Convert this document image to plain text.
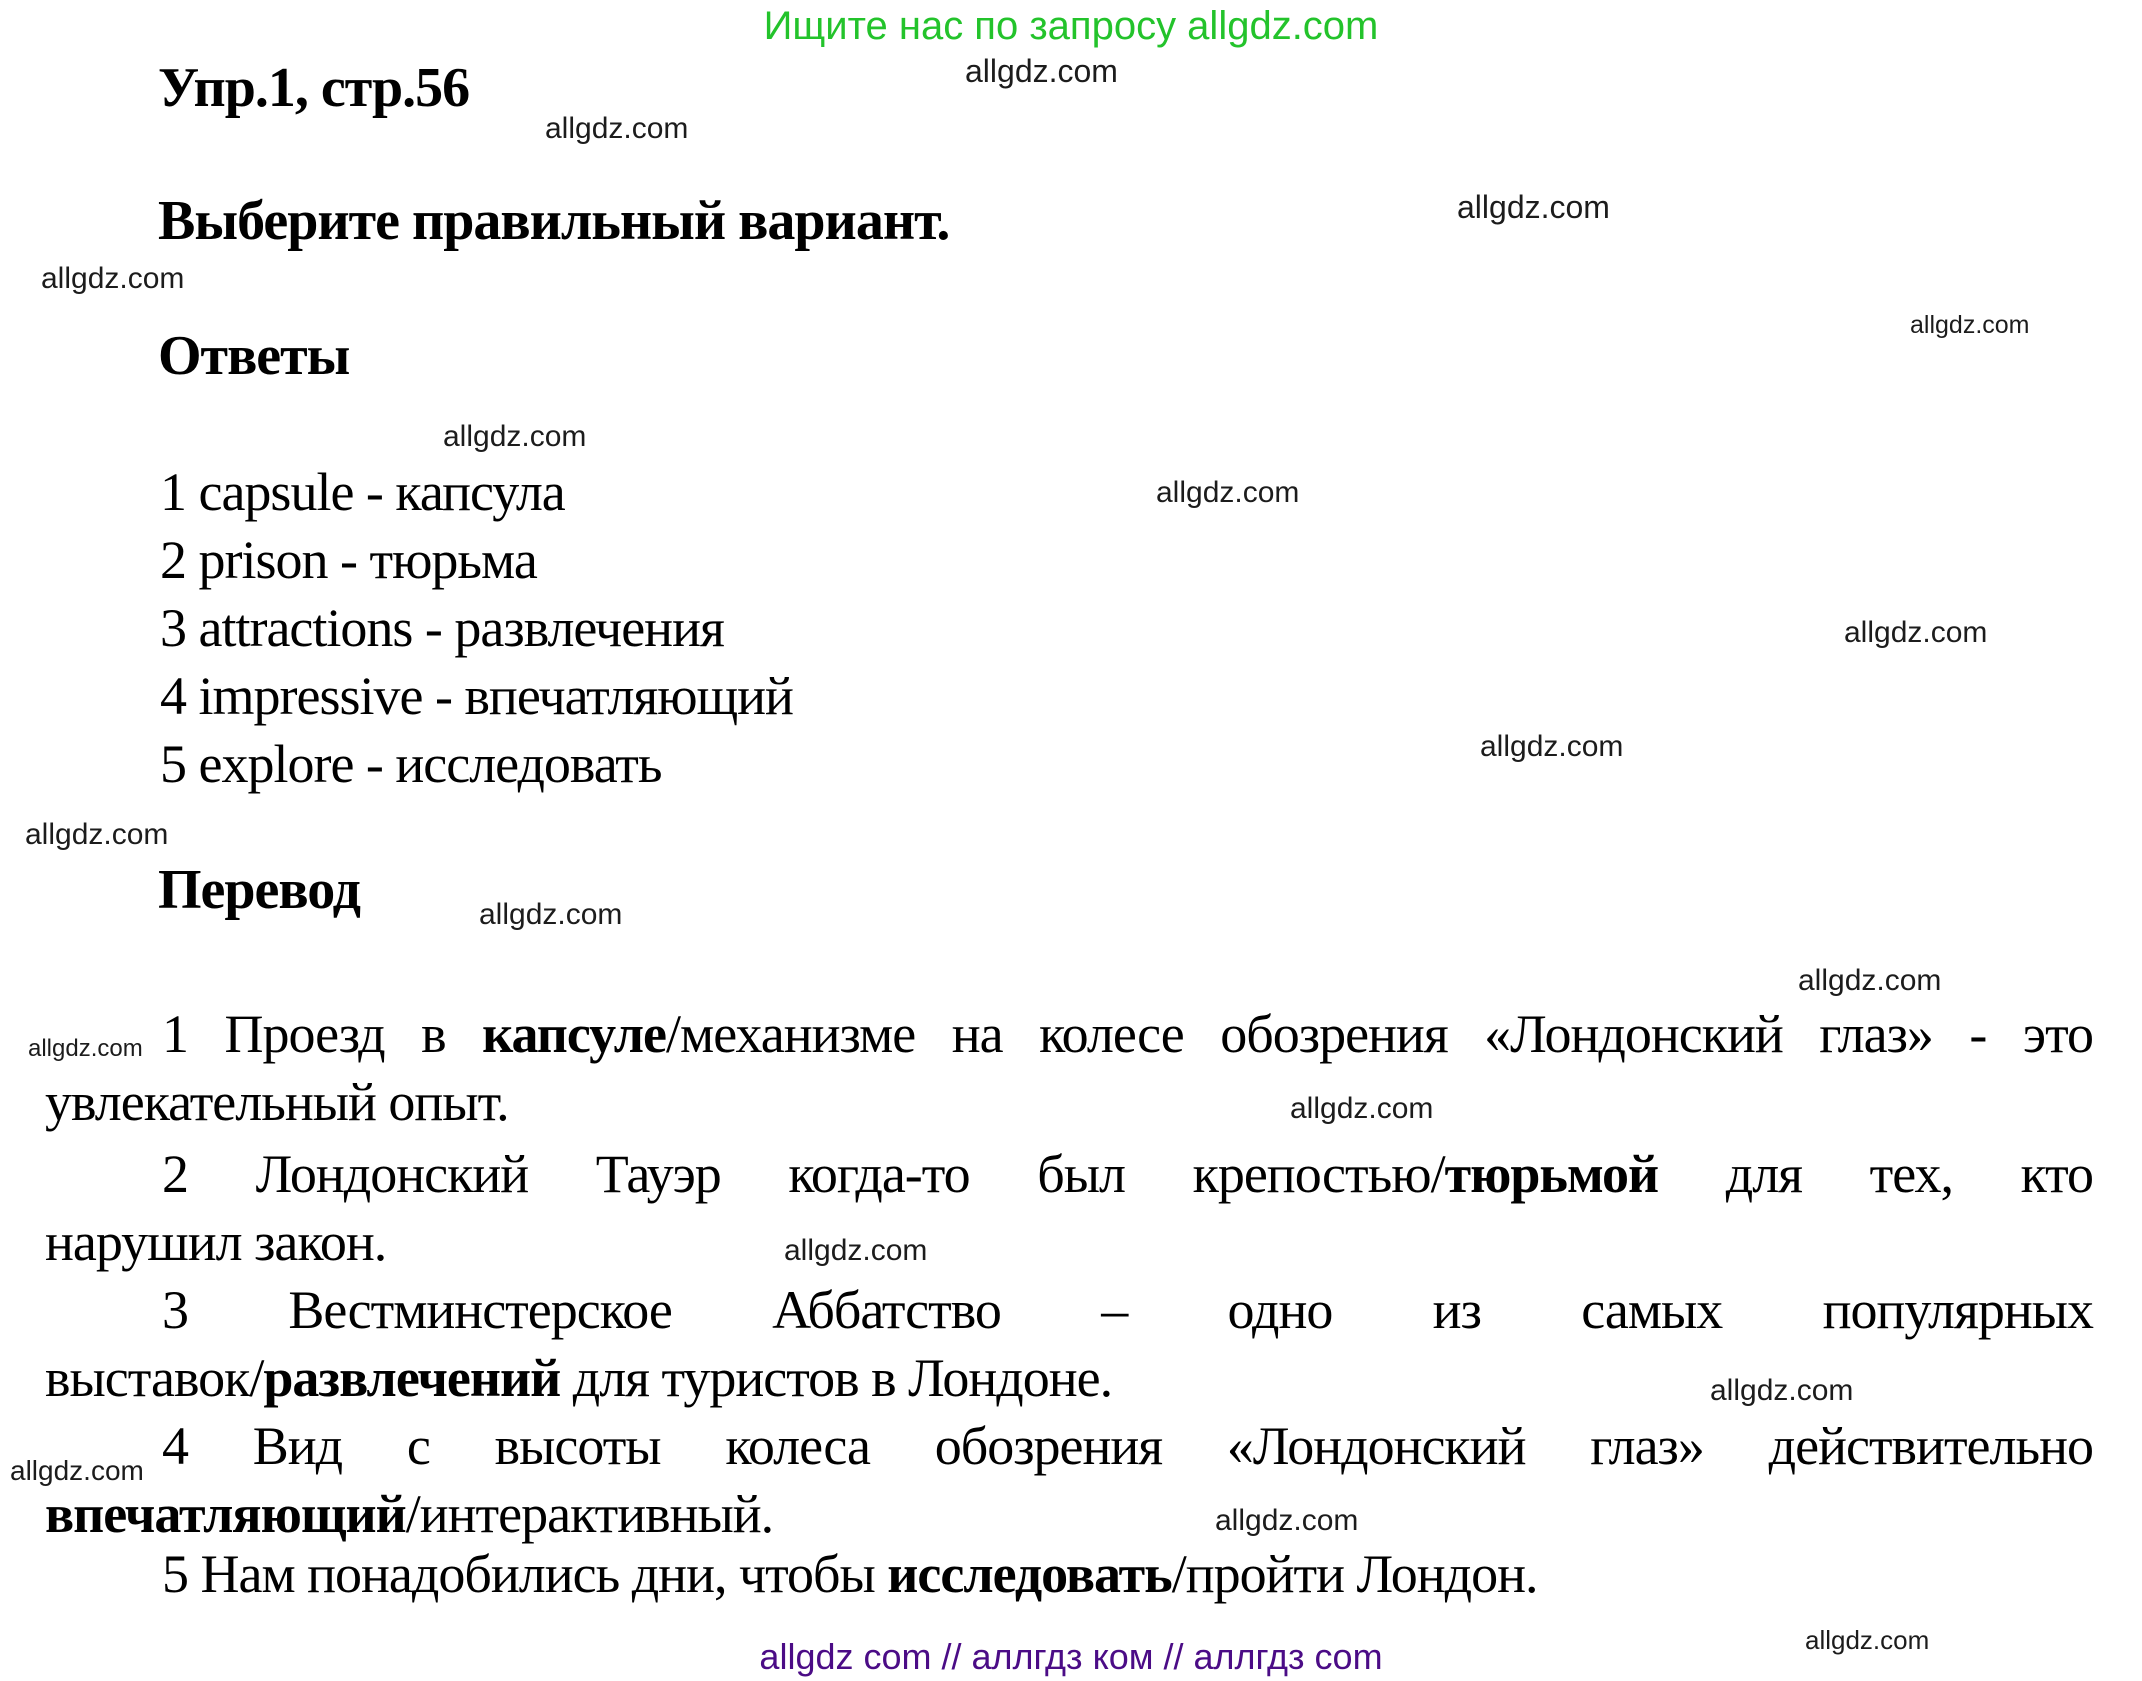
Ищите нас по запросу allgdz.com
allgdz.com
allgdz.com
allgdz.com
allgdz.com
allgdz.com
allgdz.com
allgdz.com
allgdz.com
allgdz.com
allgdz.com
allgdz.com
allgdz.com
allgdz.com
allgdz.com
allgdz.com
allgdz.com
allgdz.com
allgdz.com
allgdz.com
Упр.1, стр.56
Выберите правильный вариант.
Ответы
1 capsule - капсула
2 prison - тюрьма
3 attractions - развлечения
4 impressive - впечатляющий
5 explore - исследовать
Перевод
1 Проезд в капсуле/механизме на колесе обозрения «Лондонский глаз» - это
увлекательный опыт.
2 Лондонский Тауэр когда-то был крепостью/тюрьмой для тех, кто
нарушил закон.
3 Вестминстерское Аббатство – одно из самых популярных
выставок/развлечений для туристов в Лондоне.
4 Вид с высоты колеса обозрения «Лондонский глаз» действительно
впечатляющий/интерактивный.
5 Нам понадобились дни, чтобы исследовать/пройти Лондон.
allgdz com // аллгдз ком // аллгдз com
